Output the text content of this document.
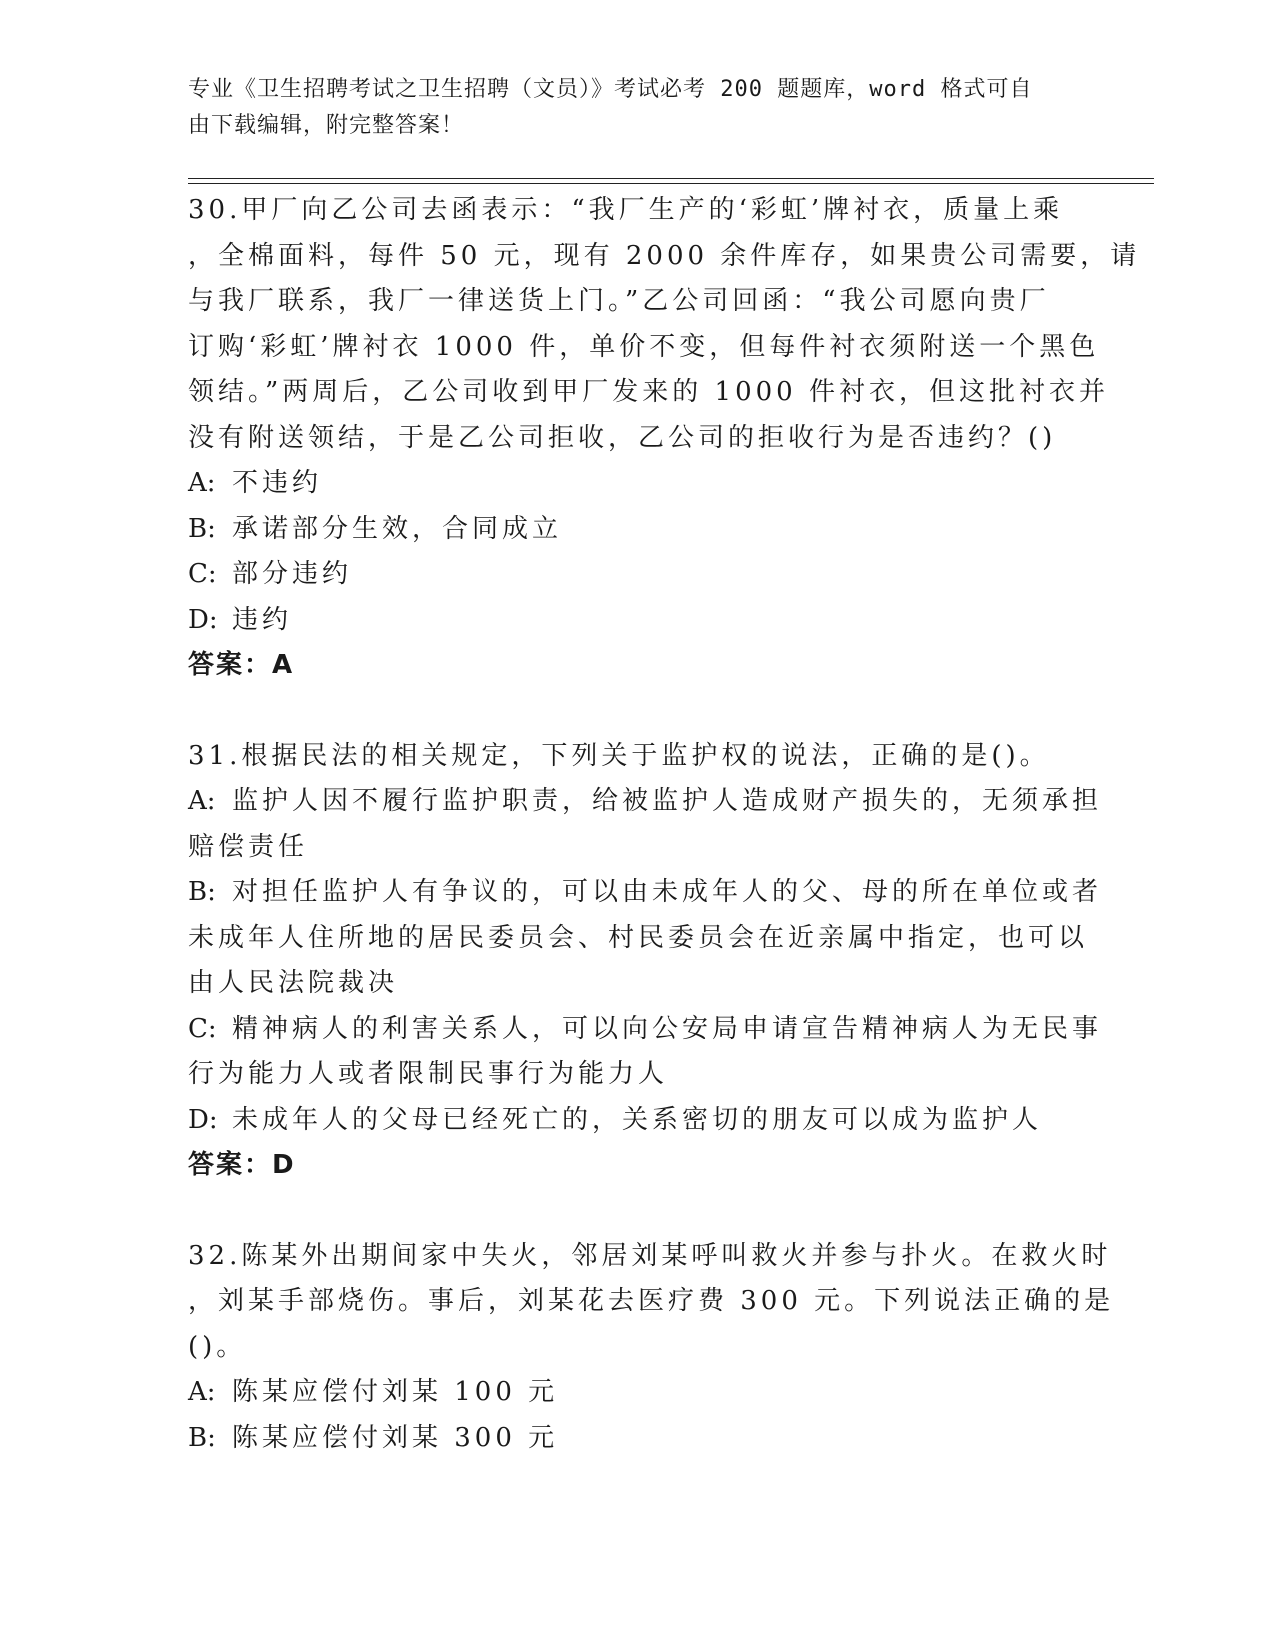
专业《卫生招聘考试之卫生招聘（文员）》考试必考 200 题题库，word 格式可自
由下载编辑，附完整答案！
30.甲厂向乙公司去函表示：“我厂生产的‘彩虹’牌衬衣，质量上乘
，全棉面料，每件 50 元，现有 2000 余件库存，如果贵公司需要，请
与我厂联系，我厂一律送货上门。”乙公司回函：“我公司愿向贵厂
订购‘彩虹’牌衬衣 1000 件，单价不变，但每件衬衣须附送一个黑色
领结。”两周后，乙公司收到甲厂发来的 1000 件衬衣，但这批衬衣并
没有附送领结，于是乙公司拒收，乙公司的拒收行为是否违约？()
A: 不违约
B: 承诺部分生效，合同成立
C: 部分违约
D: 违约
答案：A
31.根据民法的相关规定，下列关于监护权的说法，正确的是()。
A: 监护人因不履行监护职责，给被监护人造成财产损失的，无须承担
赔偿责任
B: 对担任监护人有争议的，可以由未成年人的父、母的所在单位或者
未成年人住所地的居民委员会、村民委员会在近亲属中指定，也可以
由人民法院裁决
C: 精神病人的利害关系人，可以向公安局申请宣告精神病人为无民事
行为能力人或者限制民事行为能力人
D: 未成年人的父母已经死亡的，关系密切的朋友可以成为监护人
答案：D
32.陈某外出期间家中失火，邻居刘某呼叫救火并参与扑火。在救火时
，刘某手部烧伤。事后，刘某花去医疗费 300 元。下列说法正确的是
()。
A: 陈某应偿付刘某 100 元
B: 陈某应偿付刘某 300 元
